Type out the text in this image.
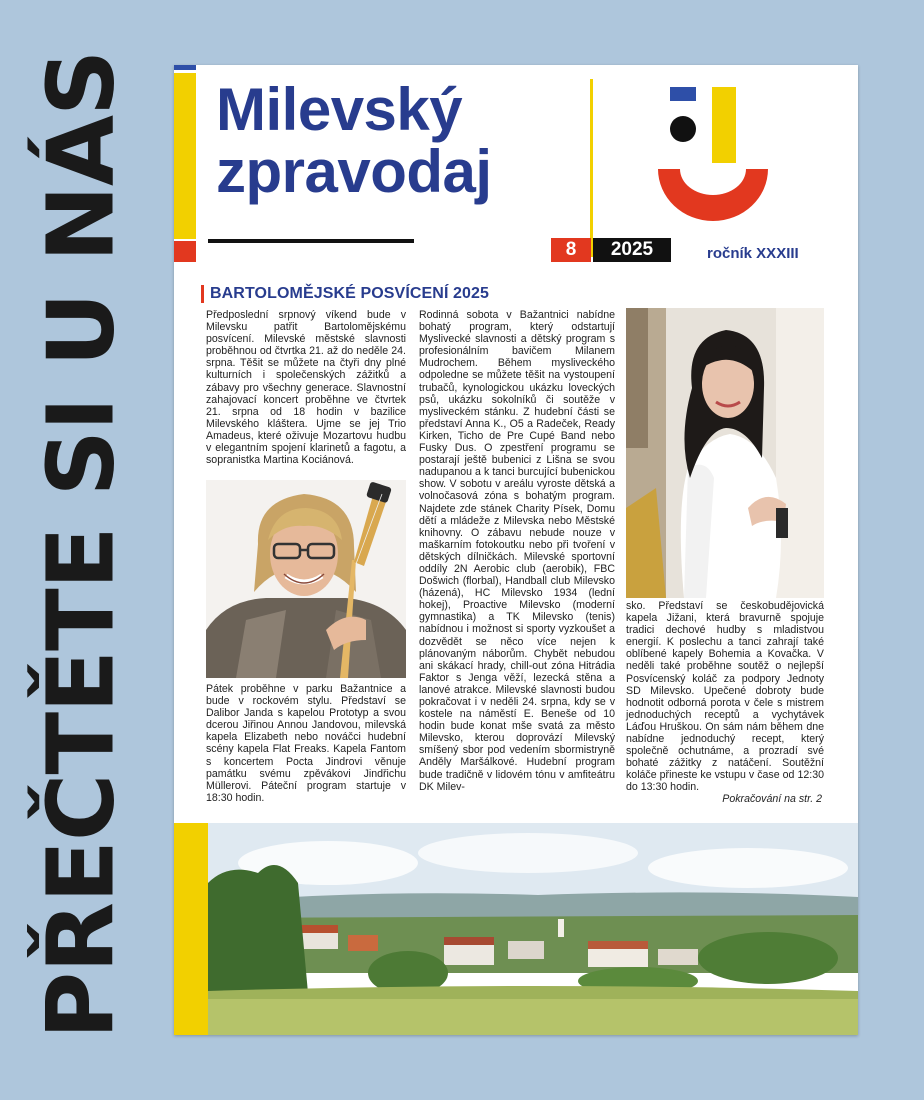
PŘEČTĚTE SI U NÁS Milevský
zpravodaj
8	2025	ročník XXXIII
BARTOLOMĚJSKÉ POSVÍCENÍ 2025

Předposlední srpnový víkend bude v Milevsku patřit Bartolomějskému posvícení. Milevské městské slavnosti proběhnou od čtvrtka 21. až do neděle 24. srpna. Těšit se můžete na čtyři dny plné kulturních i společenských zážitků a zábavy pro všechny generace. Slavnostní zahajovací koncert proběhne ve čtvrtek 21. srpna od 18 hodin v bazilice Milevského kláštera. Ujme se jej Trio Amadeus, které oživuje Mozartovu hudbu v elegantním spojení klarinetů a fagotu, a sopranistka Martina Kociánová.

Pátek proběhne v parku Bažantnice a bude v rockovém stylu. Představí se Dalibor Janda s kapelou Prototyp a svou dcerou Jiřinou Annou Jandovou, milevská kapela Elizabeth nebo nováčci hudební scény kapela Flat Freaks. Kapela Fantom s koncertem Pocta Jindrovi věnuje památku svému zpěvákovi Jindřichu Müllerovi. Páteční program startuje v 18:30 hodin.

Rodinná sobota v Bažantnici nabídne bohatý program, který odstartují Myslivecké slavnosti a dětský program s profesionálním bavičem Milanem Mudrochem. Během mysliveckého odpoledne se můžete těšit na vystoupení trubačů, kynologickou ukázku loveckých psů, ukázku sokolníků či soutěže v mysliveckém stánku. Z hudební části se představí Anna K., O5 a Radeček, Ready Kirken, Ticho de Pre Cupé Band nebo Fusky Dus. O zpestření programu se postarají ještě bubenici z Lišna se svou nadupanou a k tanci burcující bubenickou show. V sobotu v areálu vyroste dětská a volnočasová zóna s bohatým program. Najdete zde stánek Charity Písek, Domu dětí a mládeže z Milevska nebo Městské knihovny. O zábavu nebude nouze v maškarním fotokoutku nebo při tvoření v dětských dílničkách. Milevské sportovní oddíly 2N Aerobic club (aerobik), FBC Došwich (florbal), Handball club Milevsko (házená), HC Milevsko 1934 (lední hokej), Proactive Milevsko (moderní gymnastika) a TK Milevsko (tenis) nabídnou i možnost si sporty vyzkoušet a dozvědět se něco více nejen k plánovaným náborům. Chybět nebudou ani skákací hrady, chill-out zóna Hitrádia Faktor s Jenga věží, lezecká stěna a lanové atrakce. Milevské slavnosti budou pokračovat i v neděli 24. srpna, kdy se v kostele na náměstí E. Beneše od 10 hodin bude konat mše svatá za město Milevsko, kterou doprovází Milevský smíšený sbor pod vedením sbormistryně Anděly Maršálkové. Hudební program bude tradičně v lidovém tónu v amfiteátru DK Milev-

sko. Představí se českobudějovická kapela Jižani, která bravurně spojuje tradici dechové hudby s mladistvou energií. K poslechu a tanci zahrají také oblíbené kapely Bohemia a Kovačka. V neděli také proběhne soutěž o nejlepší Posvícenský koláč za podpory Jednoty SD Milevsko. Upečené dobroty bude hodnotit odborná porota v čele s mistrem jednoduchých receptů a vychytávek Láďou Hruškou. On sám nám během dne nabídne jednoduchý recept, který společně ochutnáme, a prozradí své bohaté zážitky z natáčení. Soutěžní koláče přineste ke vstupu v čase od 12:30 do 13:30 hodin.

Pokračování na str. 2
